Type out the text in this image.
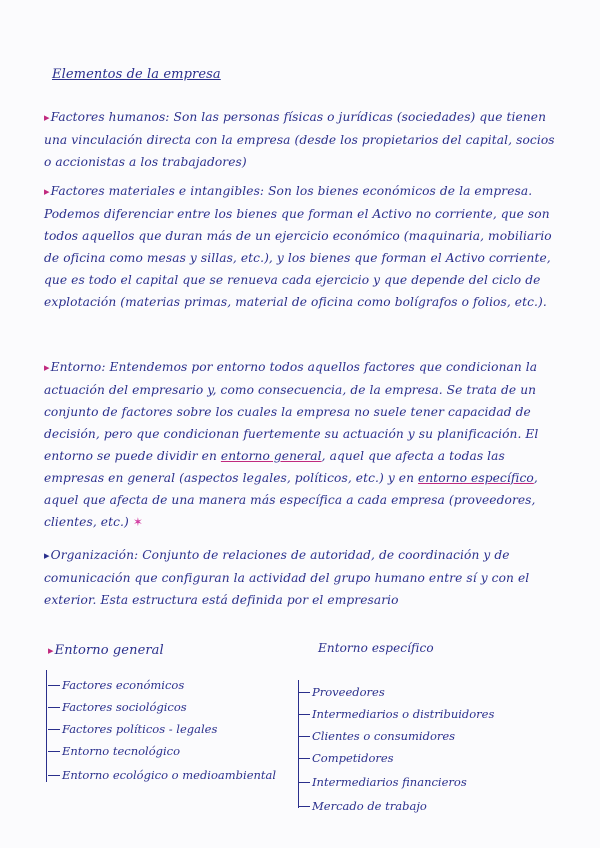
Elementos de la empresa
▸Factores humanos: Son las personas físicas o jurídicas (sociedades) que tienen una vinculación directa con la empresa (desde los propietarios del capital, socios o accionistas a los trabajadores)
▸Factores materiales e intangibles: Son los bienes económicos de la empresa. Podemos diferenciar entre los bienes que forman el Activo no corriente, que son todos aquellos que duran más de un ejercicio económico (maquinaria, mobiliario de oficina como mesas y sillas, etc.), y los bienes que forman el Activo corriente, que es todo el capital que se renueva cada ejercicio y que depende del ciclo de explotación (materias primas, material de oficina como bolígrafos o folios, etc.).
▸Entorno: Entendemos por entorno todos aquellos factores que condicionan la actuación del empresario y, como consecuencia, de la empresa. Se trata de un conjunto de factores sobre los cuales la empresa no suele tener capacidad de decisión, pero que condicionan fuertemente su actuación y su planificación. El entorno se puede dividir en entorno general, aquel que afecta a todas las empresas en general (aspectos legales, políticos, etc.) y en entorno específico, aquel que afecta de una manera más específica a cada empresa (proveedores, clientes, etc.) ✶
▸Organización: Conjunto de relaciones de autoridad, de coordinación y de comunicación que configuran la actividad del grupo humano entre sí y con el exterior. Esta estructura está definida por el empresario
▸Entorno general
Factores económicos
Factores sociológicos
Factores políticos - legales
Entorno tecnológico
Entorno ecológico o medioambiental
Entorno específico
Proveedores
Intermediarios o distribuidores
Clientes o consumidores
Competidores
Intermediarios financieros
Mercado de trabajo
